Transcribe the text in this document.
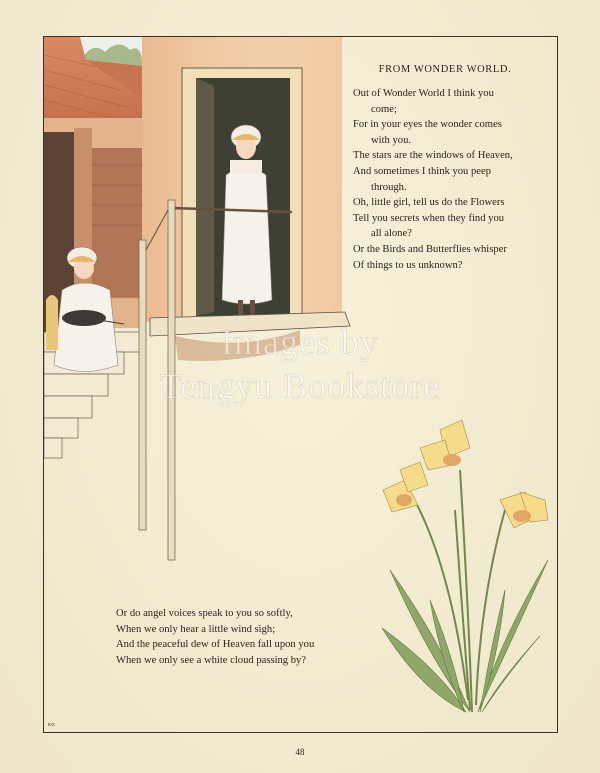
FROM WONDER WORLD.
Out of Wonder World I think you
come;
For in your eyes the wonder comes
with you.
The stars are the windows of Heaven,
And sometimes I think you peep
through.
Oh, little girl, tell us do the Flowers
Tell you secrets when they find you
all alone?
Or the Birds and Butterflies whisper
Of things to us unknown?
Or do angel voices speak to you so softly,
When we only hear a little wind sigh;
And the peaceful dew of Heaven fall upon you
When we only see a white cloud passing by?
KG
48
Images by
Tengyu Bookstore
